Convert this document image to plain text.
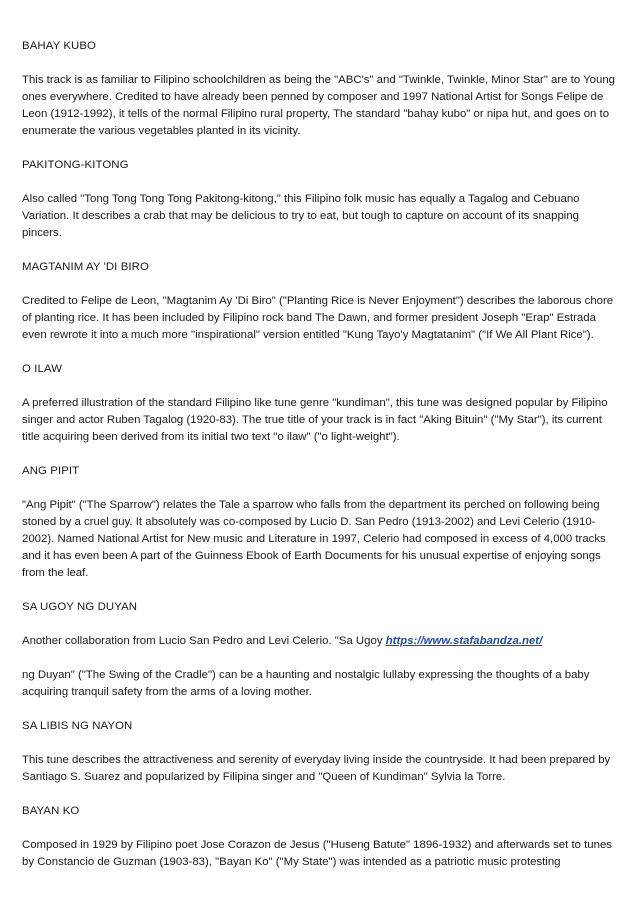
BAHAY KUBO
This track is as familiar to Filipino schoolchildren as being the "ABC's" and "Twinkle, Twinkle, Minor Star" are to Young ones everywhere. Credited to have already been penned by composer and 1997 National Artist for Songs Felipe de Leon (1912-1992), it tells of the normal Filipino rural property, The standard "bahay kubo" or nipa hut, and goes on to enumerate the various vegetables planted in its vicinity.
PAKITONG-KITONG
Also called "Tong Tong Tong Tong Pakitong-kitong," this Filipino folk music has equally a Tagalog and Cebuano Variation. It describes a crab that may be delicious to try to eat, but tough to capture on account of its snapping pincers.
MAGTANIM AY 'DI BIRO
Credited to Felipe de Leon, "Magtanim Ay 'Di Biro" ("Planting Rice is Never Enjoyment") describes the laborous chore of planting rice. It has been included by Filipino rock band The Dawn, and former president Joseph "Erap" Estrada even rewrote it into a much more "inspirational" version entitled "Kung Tayo'y Magtatanim" ("If We All Plant Rice").
O ILAW
A preferred illustration of the standard Filipino like tune genre "kundiman", this tune was designed popular by Filipino singer and actor Ruben Tagalog (1920-83). The true title of your track is in fact "Aking Bituin" ("My Star"), its current title acquiring been derived from its initial two text "o ilaw" ("o light-weight").
ANG PIPIT
"Ang Pipit" ("The Sparrow") relates the Tale a sparrow who falls from the department its perched on following being stoned by a cruel guy. It absolutely was co-composed by Lucio D. San Pedro (1913-2002) and Levi Celerio (1910-2002). Named National Artist for New music and Literature in 1997, Celerio had composed in excess of 4,000 tracks and it has even been A part of the Guinness Ebook of Earth Documents for his unusual expertise of enjoying songs from the leaf.
SA UGOY NG DUYAN
Another collaboration from Lucio San Pedro and Levi Celerio. "Sa Ugoy https://www.stafabandza.net/
ng Duyan" ("The Swing of the Cradle") can be a haunting and nostalgic lullaby expressing the thoughts of a baby acquiring tranquil safety from the arms of a loving mother.
SA LIBIS NG NAYON
This tune describes the attractiveness and serenity of everyday living inside the countryside. It had been prepared by Santiago S. Suarez and popularized by Filipina singer and "Queen of Kundiman" Sylvia la Torre.
BAYAN KO
Composed in 1929 by Filipino poet Jose Corazon de Jesus ("Huseng Batute" 1896-1932) and afterwards set to tunes by Constancio de Guzman (1903-83), "Bayan Ko" ("My State") was intended as a patriotic music protesting
